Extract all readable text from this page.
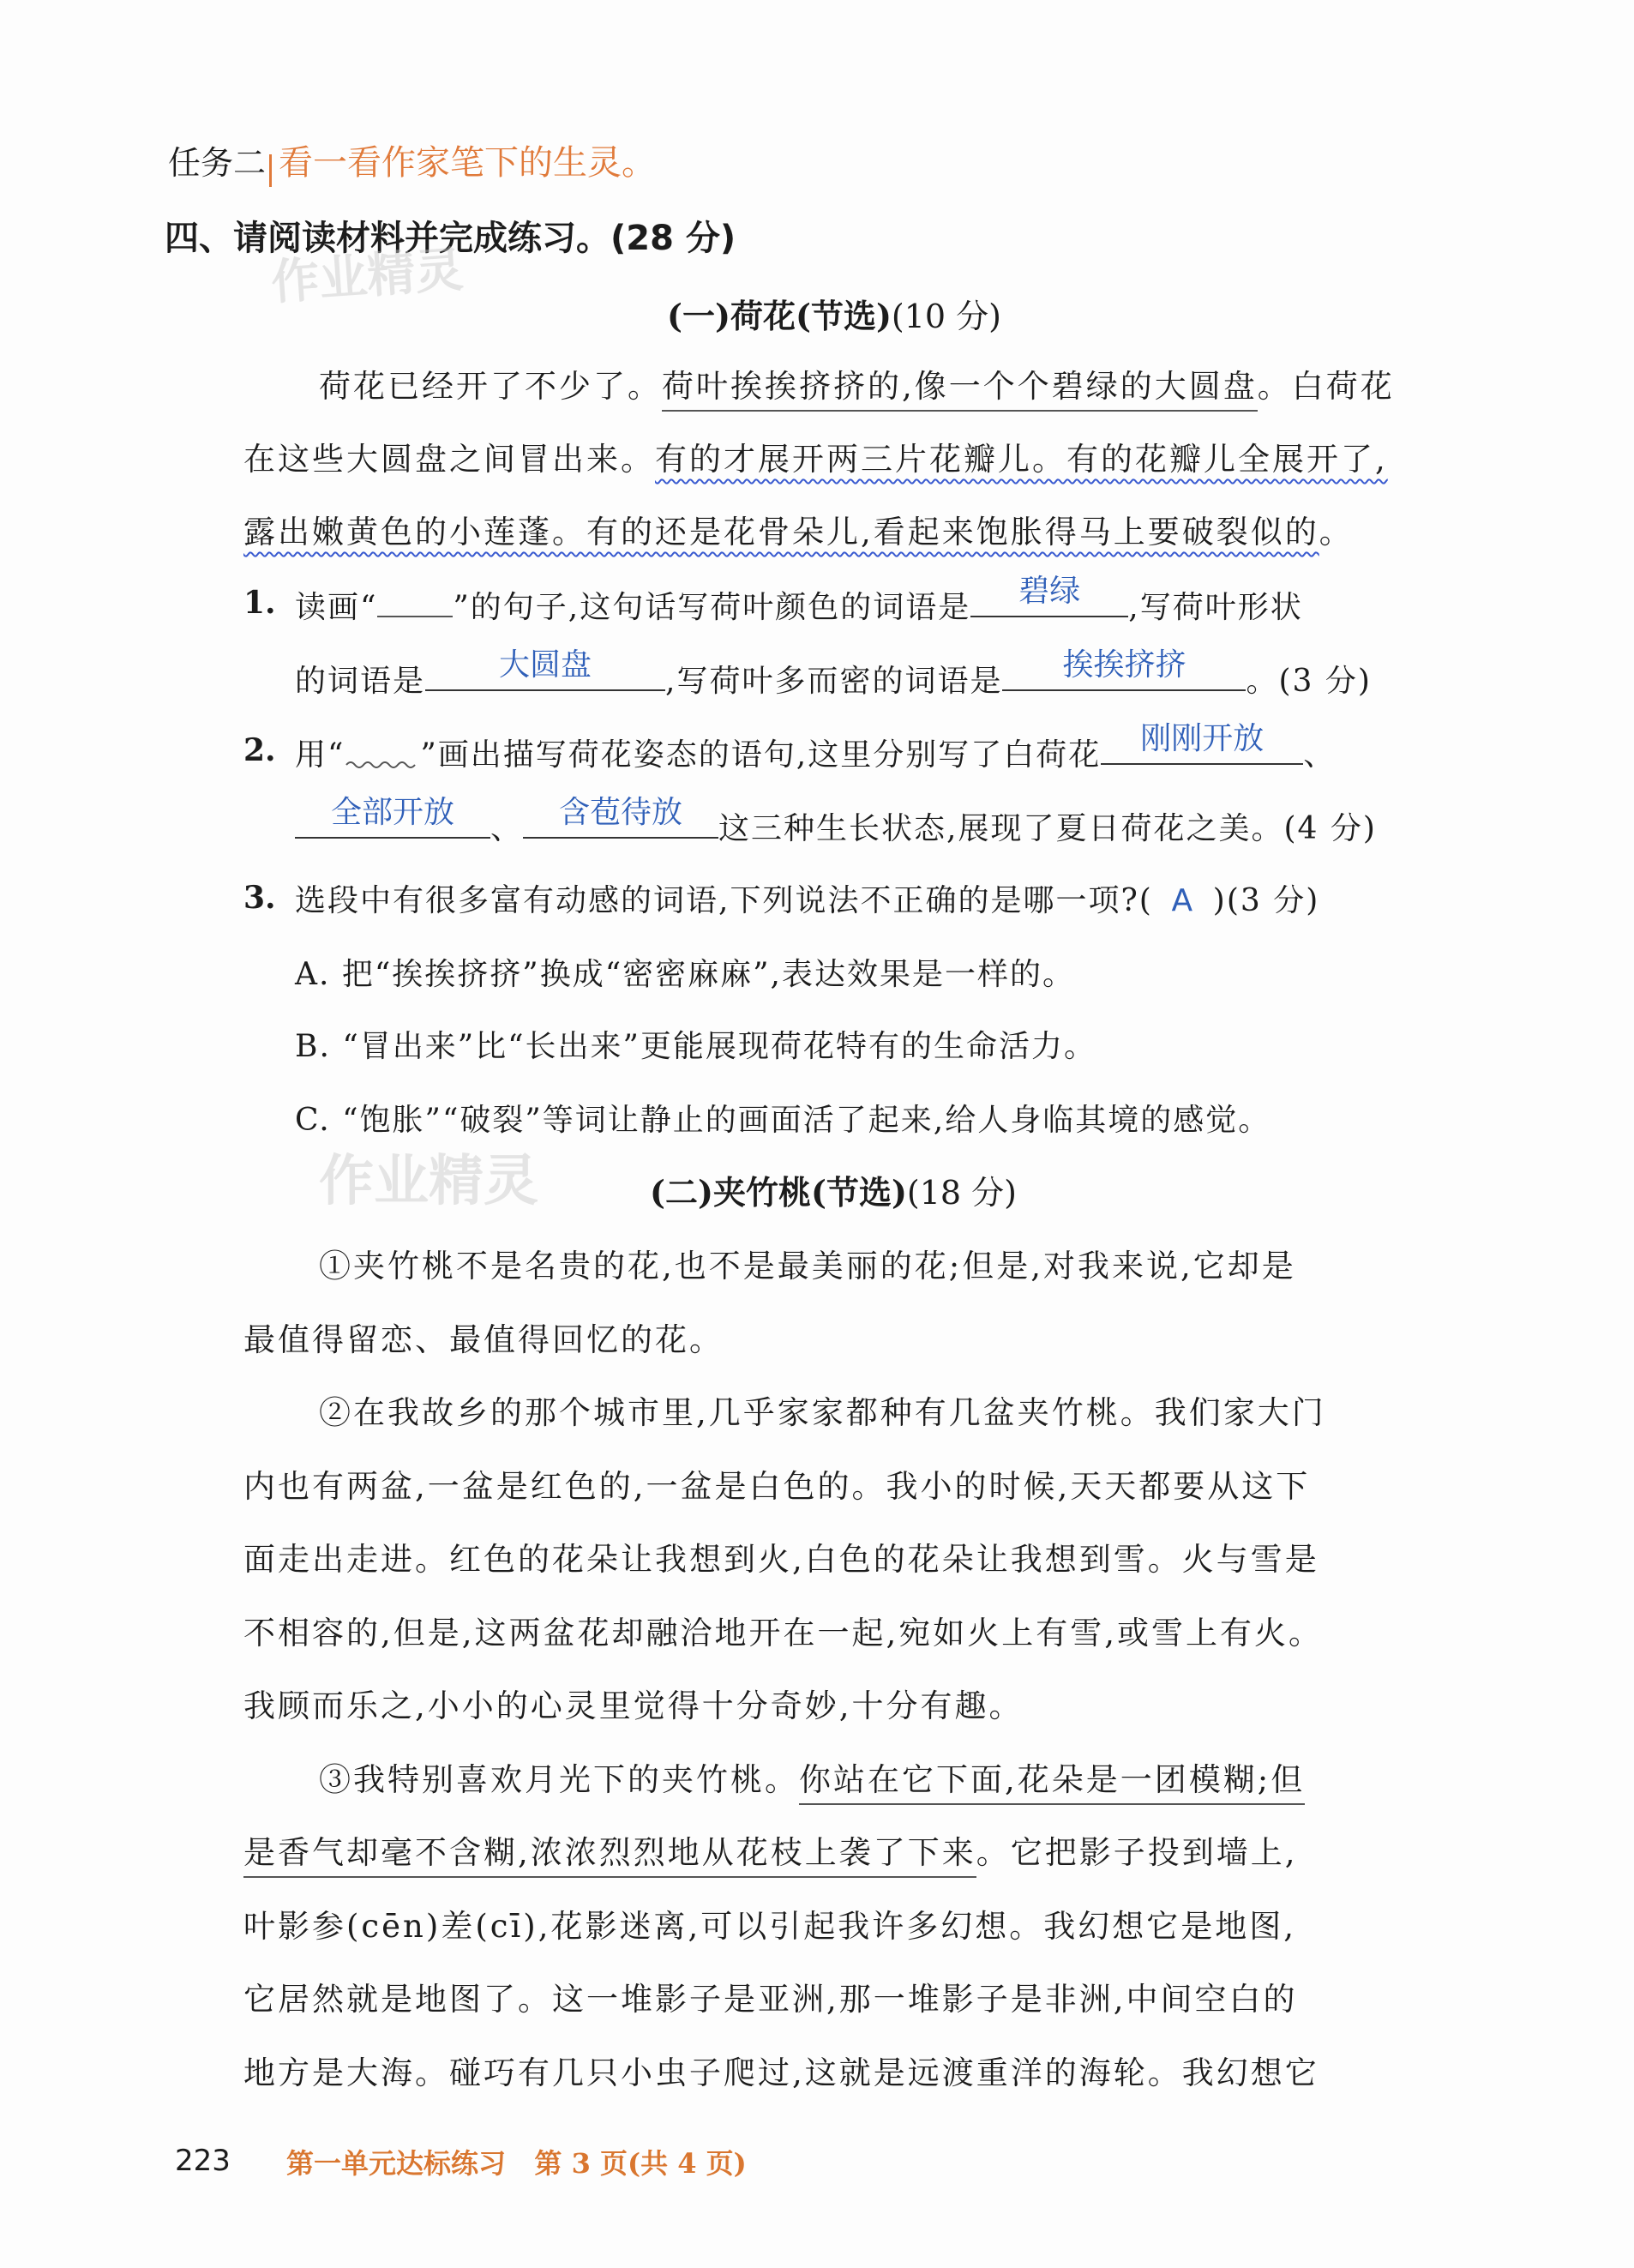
任务二 看一看作家笔下的生灵。
四、请阅读材料并完成练习。(28 分)
作业精灵
作业精灵
(一)荷花(节选)(10 分)
荷花已经开了不少了。荷叶挨挨挤挤的,像一个个碧绿的大圆盘。白荷花
在这些大圆盘之间冒出来。有的才展开两三片花瓣儿。有的花瓣儿全展开了,
露出嫩黄色的小莲蓬。有的还是花骨朵儿,看起来饱胀得马上要破裂似的。
1. 读画“ ”的句子,这句话写荷叶颜色的词语是	碧绿	,写荷叶形状
的词语是	大圆盘	,写荷叶多而密的词语是	挨挨挤挤	。(3 分)
2. 用“ ”画出描写荷花姿态的语句,这里分别写了白荷花	刚刚开放	、
全部开放	、	含苞待放	这三种生长状态,展现了夏日荷花之美。(4 分)
3. 选段中有很多富有动感的词语,下列说法不正确的是哪一项?( A )(3 分)
A. 把“挨挨挤挤”换成“密密麻麻”,表达效果是一样的。
B. “冒出来”比“长出来”更能展现荷花特有的生命活力。
C. “饱胀”“破裂”等词让静止的画面活了起来,给人身临其境的感觉。
(二)夹竹桃(节选)(18 分)
①夹竹桃不是名贵的花,也不是最美丽的花;但是,对我来说,它却是
最值得留恋、最值得回忆的花。
②在我故乡的那个城市里,几乎家家都种有几盆夹竹桃。我们家大门
内也有两盆,一盆是红色的,一盆是白色的。我小的时候,天天都要从这下
面走出走进。红色的花朵让我想到火,白色的花朵让我想到雪。火与雪是
不相容的,但是,这两盆花却融洽地开在一起,宛如火上有雪,或雪上有火。
我顾而乐之,小小的心灵里觉得十分奇妙,十分有趣。
③我特别喜欢月光下的夹竹桃。你站在它下面,花朵是一团模糊;但
是香气却毫不含糊,浓浓烈烈地从花枝上袭了下来。它把影子投到墙上,
叶影参(cēn)差(cī),花影迷离,可以引起我许多幻想。我幻想它是地图,
它居然就是地图了。这一堆影子是亚洲,那一堆影子是非洲,中间空白的
地方是大海。碰巧有几只小虫子爬过,这就是远渡重洋的海轮。我幻想它
223 第一单元达标练习   第 3 页(共 4 页)
